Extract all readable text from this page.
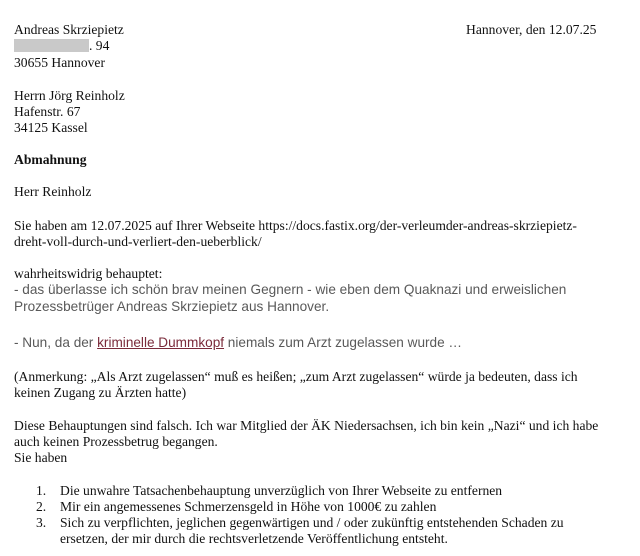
Andreas Skrziepietz
. 94
30655 Hannover
Hannover, den 12.07.25
Herrn Jörg Reinholz
Hafenstr. 67
34125 Kassel
Abmahnung
Herr Reinholz
Sie haben am 12.07.2025 auf Ihrer Webseite https://docs.fastix.org/der-verleumder-andreas-skrziepietz-
dreht-voll-durch-und-verliert-den-ueberblick/
wahrheitswidrig behauptet:
- das überlasse ich schön brav meinen Gegnern - wie eben dem Quaknazi und erweislichen
Prozessbetrüger Andreas Skrziepietz aus Hannover.
- Nun, da der kriminelle Dummkopf niemals zum Arzt zugelassen wurde …
(Anmerkung: „Als Arzt zugelassen“ muß es heißen; „zum Arzt zugelassen“ würde ja bedeuten, dass ich
keinen Zugang zu Ärzten hatte)
Diese Behauptungen sind falsch. Ich war Mitglied der ÄK Niedersachsen, ich bin kein „Nazi“ und ich habe
auch keinen Prozessbetrug begangen.
Sie haben
1. Die unwahre Tatsachenbehauptung unverzüglich von Ihrer Webseite zu entfernen
2. Mir ein angemessenes Schmerzensgeld in Höhe von 1000€ zu zahlen
3. Sich zu verpflichten, jeglichen gegenwärtigen und / oder zukünftig entstehenden Schaden zu
ersetzen, der mir durch die rechtsverletzende Veröffentlichung entsteht.
